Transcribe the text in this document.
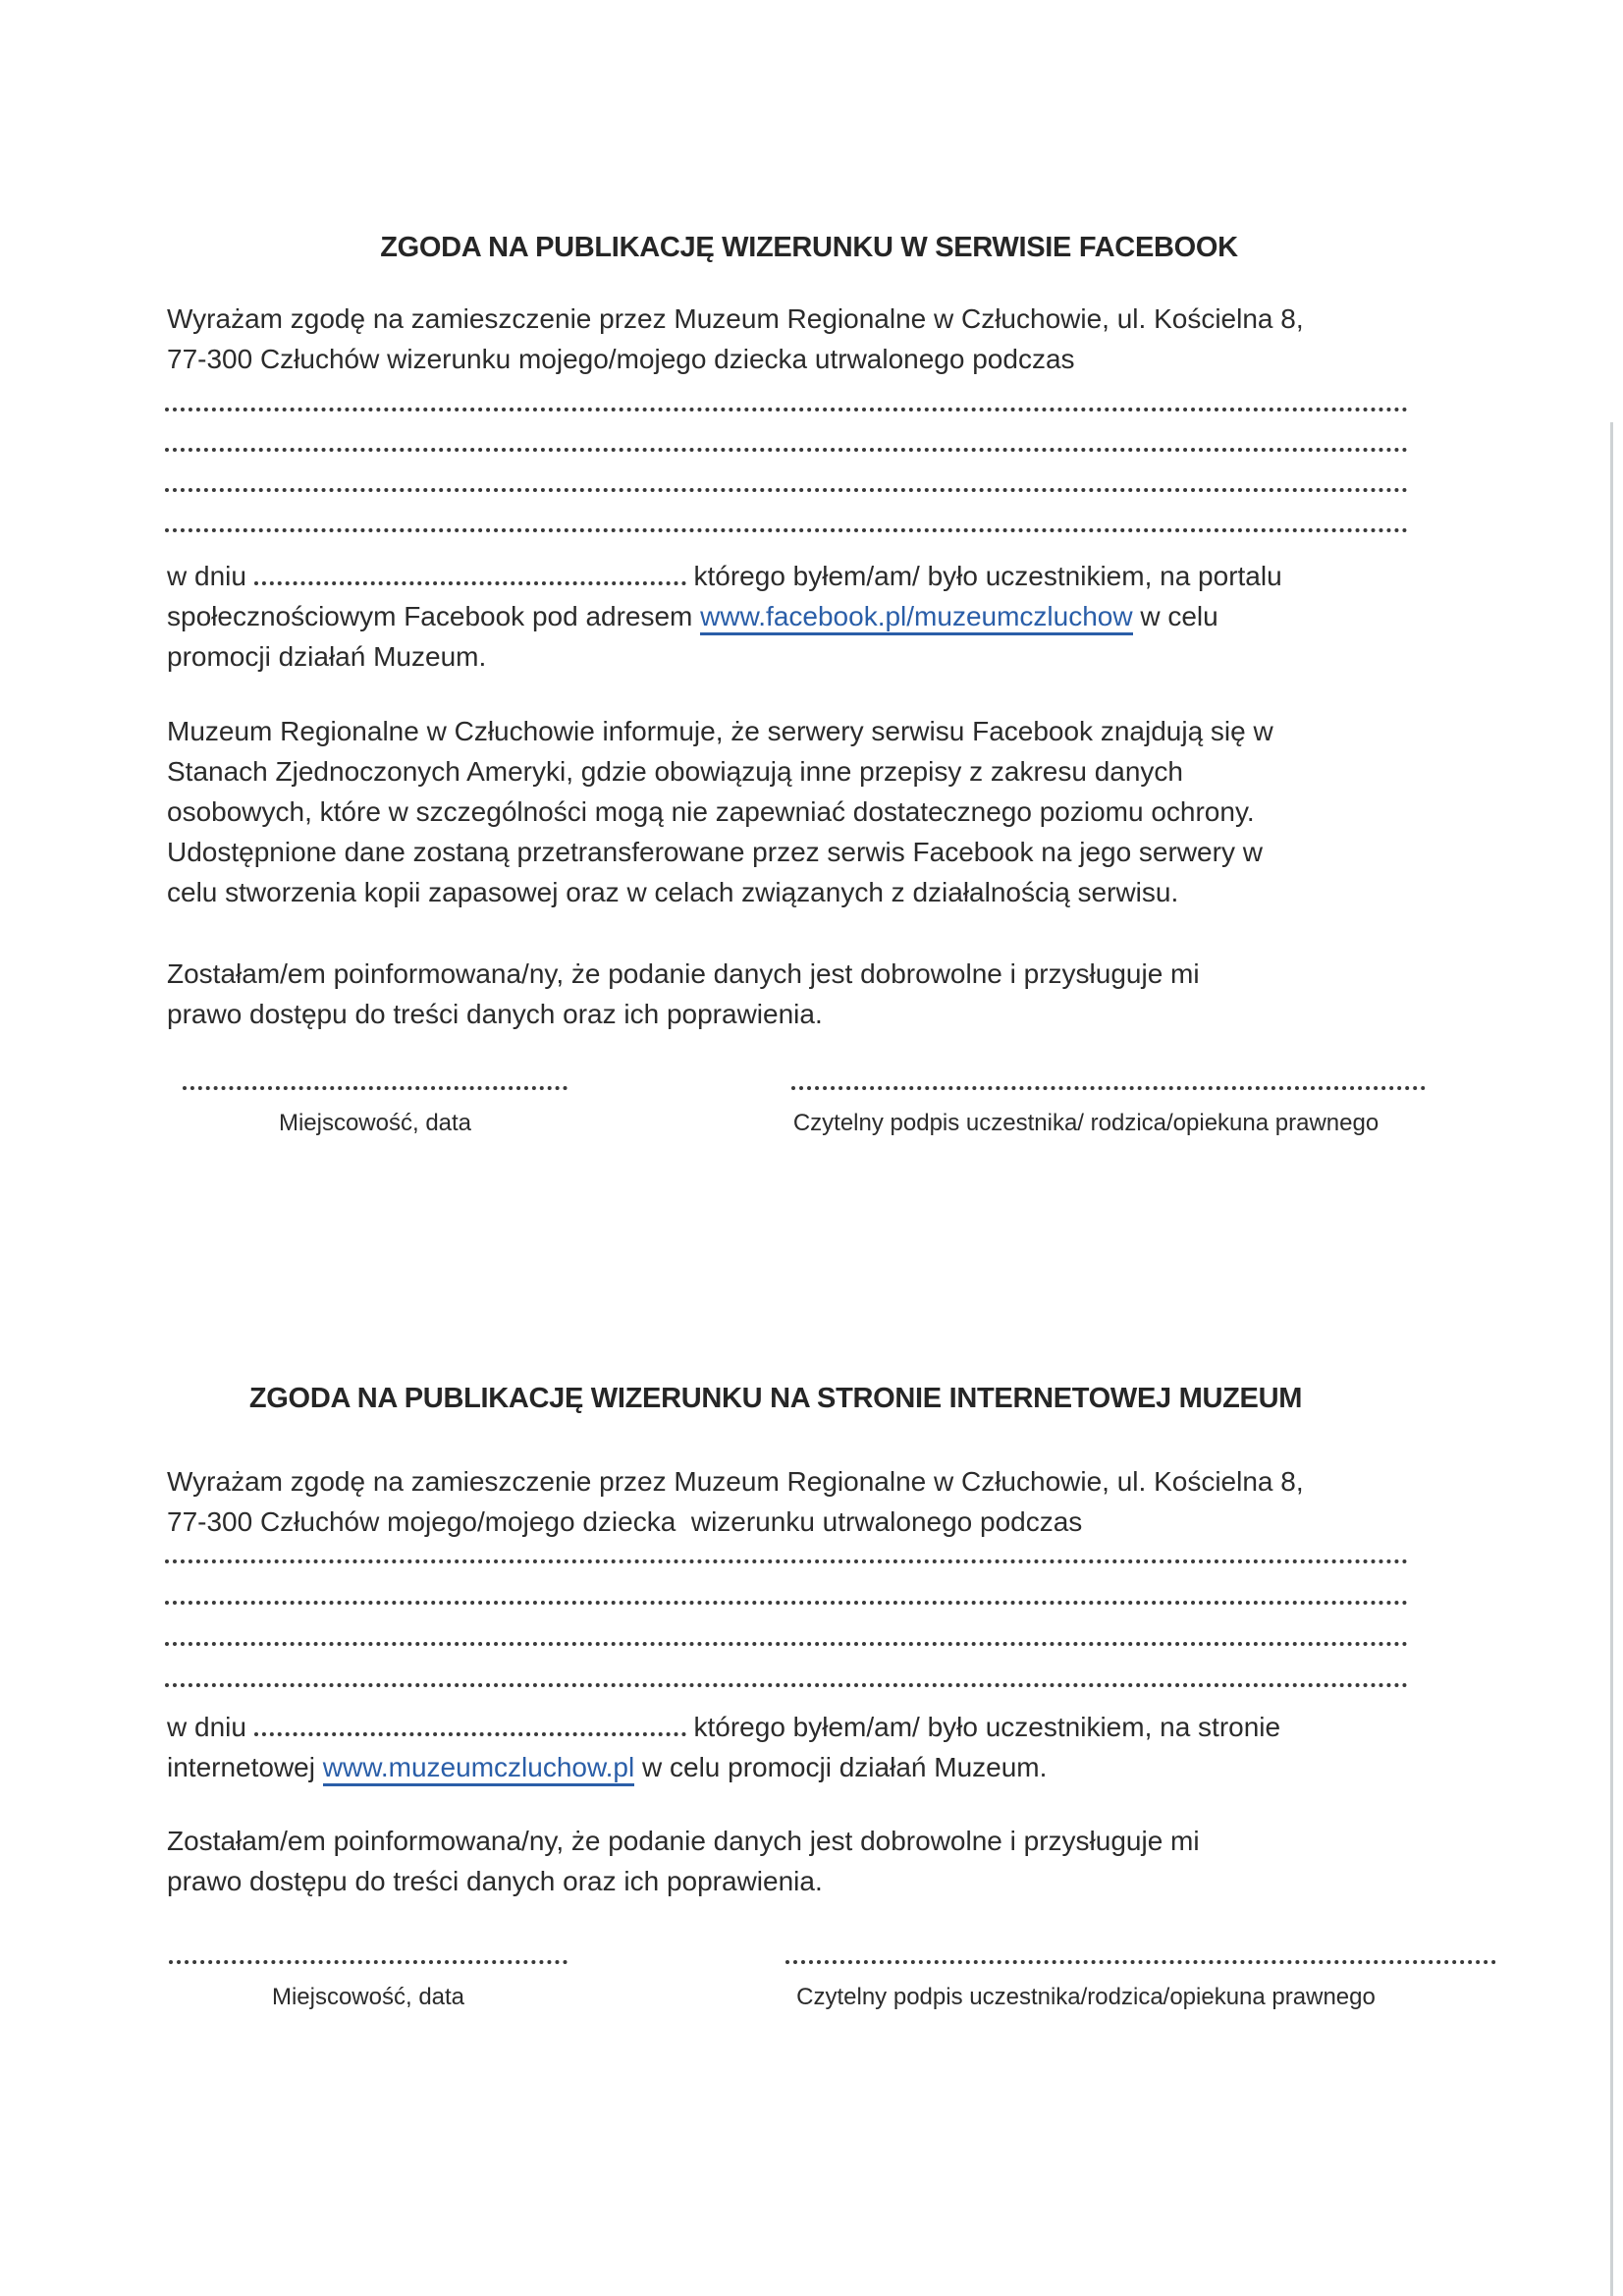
ZGODA NA PUBLIKACJĘ WIZERUNKU W SERWISIE FACEBOOK
Wyrażam zgodę na zamieszczenie przez Muzeum Regionalne w Człuchowie, ul. Kościelna 8,
77-300 Człuchów wizerunku mojego/mojego dziecka utrwalonego podczas
w dniu	którego byłem/am/ było uczestnikiem, na portalu
społecznościowym Facebook pod adresem www.facebook.pl/muzeumczluchow w celu
promocji działań Muzeum.
Muzeum Regionalne w Człuchowie informuje, że serwery serwisu Facebook znajdują się w
Stanach Zjednoczonych Ameryki, gdzie obowiązują inne przepisy z zakresu danych
osobowych, które w szczególności mogą nie zapewniać dostatecznego poziomu ochrony.
Udostępnione dane zostaną przetransferowane przez serwis Facebook na jego serwery w
celu stworzenia kopii zapasowej oraz w celach związanych z działalnością serwisu.
Zostałam/em poinformowana/ny, że podanie danych jest dobrowolne i przysługuje mi
prawo dostępu do treści danych oraz ich poprawienia.
Miejscowość, data	Czytelny podpis uczestnika/ rodzica/opiekuna prawnego
ZGODA NA PUBLIKACJĘ WIZERUNKU NA STRONIE INTERNETOWEJ MUZEUM
Wyrażam zgodę na zamieszczenie przez Muzeum Regionalne w Człuchowie, ul. Kościelna 8,
77-300 Człuchów mojego/mojego dziecka  wizerunku utrwalonego podczas
w dniu	którego byłem/am/ było uczestnikiem, na stronie
internetowej www.muzeumczluchow.pl w celu promocji działań Muzeum.
Zostałam/em poinformowana/ny, że podanie danych jest dobrowolne i przysługuje mi
prawo dostępu do treści danych oraz ich poprawienia.
Miejscowość, data	Czytelny podpis uczestnika/rodzica/opiekuna prawnego
